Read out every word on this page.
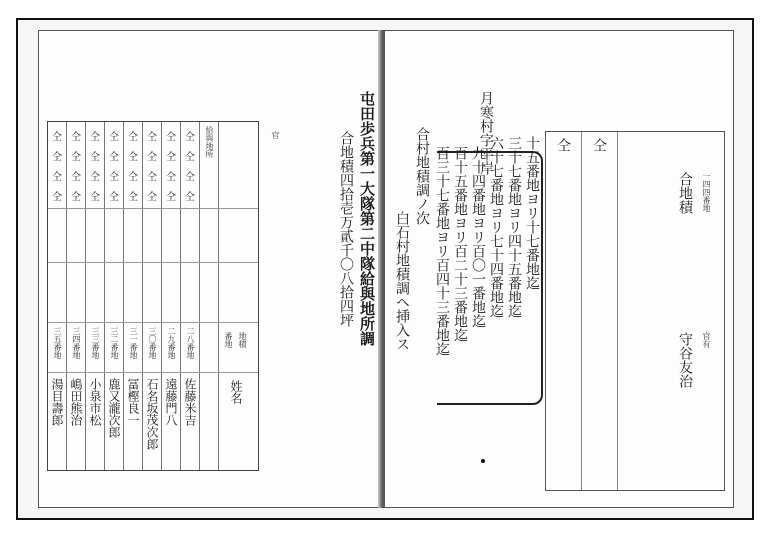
仝
仝
仝
仝
仝
仝
仝
仝
仝
仝
仝
仝
仝
仝
仝
仝
仝
仝
仝
仝
仝
仝
仝
仝
仝
仝
仝
仝
仝
仝
仝
仝
給與地所
三五番地 三四番地 三三番地 三二番地 三一番地 三〇番地 二九番地 二八番地
湯目壽郎 嶋田熊治 小泉市松 鹿又瀧次郎 冨樫良一 石名坂茂次郎 遠藤門八 佐藤米吉
番地 地積
姓名
屯田歩兵第一大隊第二中隊給與地所調
合地積四拾壱万貳千〇八拾四坪
官	月寒村字平岸
十五番地ヨリ十七番地迄
三十七番地ヨリ四十五番地迄
六十七番地ヨリ七十四番地迄
九十四番地ヨリ百〇一番地迄
百十五番地ヨリ百二十三番地迄
百三十七番地ヨリ百四十三番地迄
合村地積調ノ次
白石村地積調ヘ挿入ス
仝 仝
一四四番地
合地積
官有
守谷友治
